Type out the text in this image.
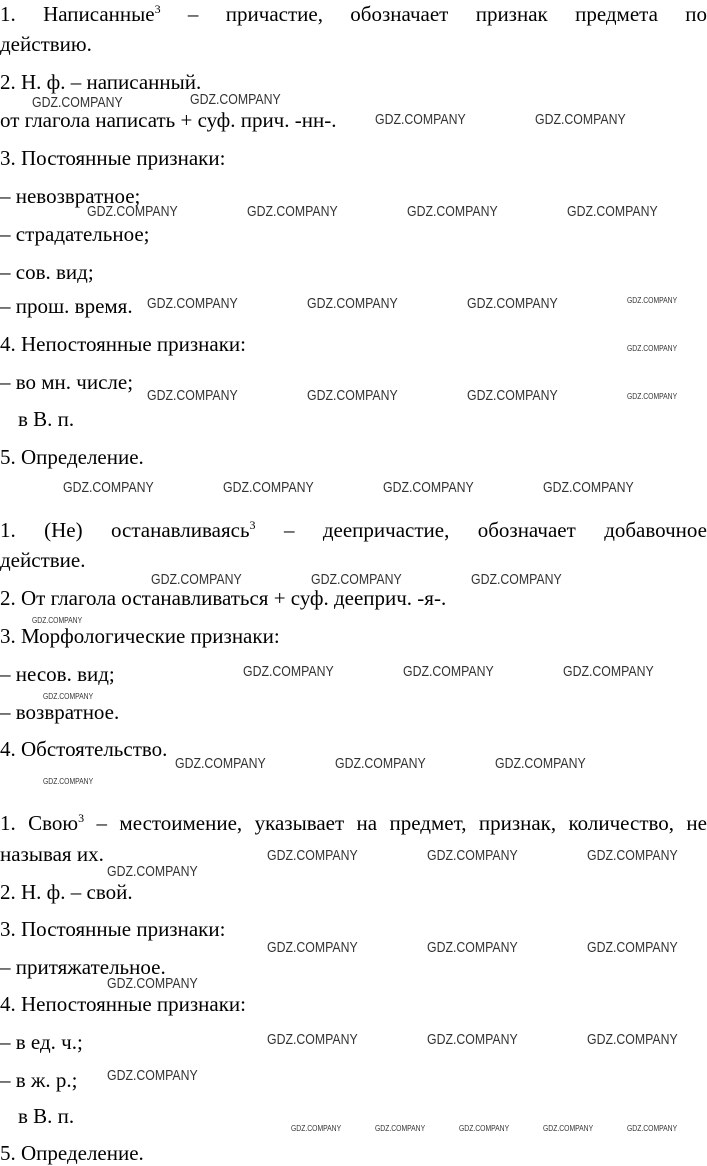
1. Написанные$^3$ – причастие, обозначает признак предмета по
действию.
2. Н. ф. – написанный.
от глагола написать + суф. прич. -нн-.
3. Постоянные признаки:
– невозвратное;
– страдательное;
– сов. вид;
– прош. время.
4. Непостоянные признаки:
– во мн. числе;
в В. п.
5. Определение.
1. (Не) останавливаясь$^3$ – деепричастие, обозначает добавочное
действие.
2. От глагола останавливаться + суф. дееприч. -я-.
3. Морфологические признаки:
– несов. вид;
– возвратное.
4. Обстоятельство.
1. Свою$^3$ – местоимение, указывает на предмет, признак, количество, не
называя их.
2. Н. ф. – свой.
3. Постоянные признаки:
– притяжательное.
4. Непостоянные признаки:
– в ед. ч.;
– в ж. р.;
в В. п.
5. Определение.
GDZ.COMPANY	GDZ.COMPANY
GDZ.COMPANY	GDZ.COMPANY
GDZ.COMPANY	GDZ.COMPANY	GDZ.COMPANY	GDZ.COMPANY
GDZ.COMPANY	GDZ.COMPANY	GDZ.COMPANY	GDZ.COMPANY
GDZ.COMPANY
GDZ.COMPANY	GDZ.COMPANY	GDZ.COMPANY	GDZ.COMPANY
GDZ.COMPANY	GDZ.COMPANY	GDZ.COMPANY	GDZ.COMPANY
GDZ.COMPANY	GDZ.COMPANY	GDZ.COMPANY
GDZ.COMPANY
GDZ.COMPANY	GDZ.COMPANY	GDZ.COMPANY
GDZ.COMPANY
GDZ.COMPANY	GDZ.COMPANY	GDZ.COMPANY
GDZ.COMPANY
GDZ.COMPANY	GDZ.COMPANY	GDZ.COMPANY
GDZ.COMPANY
GDZ.COMPANY	GDZ.COMPANY	GDZ.COMPANY
GDZ.COMPANY
GDZ.COMPANY	GDZ.COMPANY	GDZ.COMPANY
GDZ.COMPANY
GDZ.COMPANY	GDZ.COMPANY	GDZ.COMPANY	GDZ.COMPANY	GDZ.COMPANY
